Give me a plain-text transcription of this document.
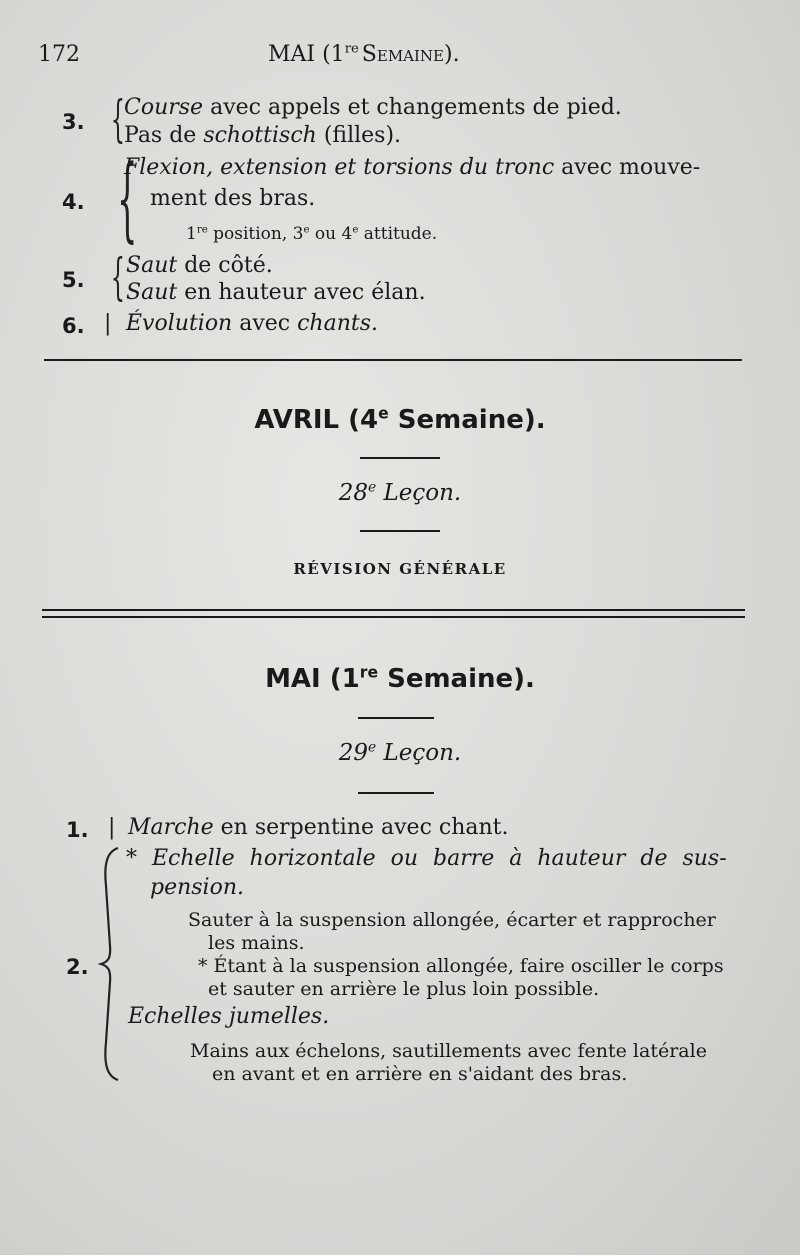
172	MAI (1re Semaine).
3. {
Course avec appels et changements de pied.
Pas de schottisch (filles).
4. {
Flexion, extension et torsions du tronc avec mouve-
ment des bras.
1re position, 3e ou 4e attitude.
5. { Saut de côté.
Saut en hauteur avec élan.
6. | Évolution avec chants.
AVRIL (4e Semaine).
28e Leçon.
RÉVISION GÉNÉRALE
MAI (1re Semaine).
29e Leçon.
1. | Marche en serpentine avec chant.
2.
* Echelle horizontale ou barre à hauteur de sus-
pension.
Sauter à la suspension allongée, écarter et rapprocher
les mains.
* Étant à la suspension allongée, faire osciller le corps
et sauter en arrière le plus loin possible.
Echelles jumelles.
Mains aux échelons, sautillements avec fente latérale
en avant et en arrière en s'aidant des bras.
